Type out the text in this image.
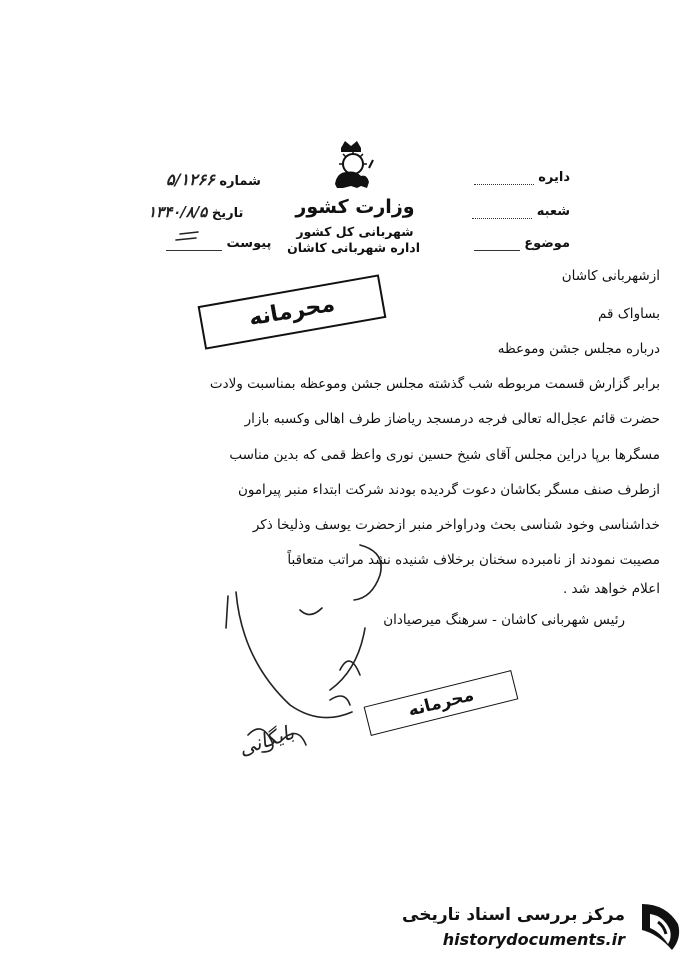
دایره
شعبه
موضوع
وزارت کشور
شهربانی کل کشور
اداره شهربانی کاشان
شماره ۵/۱۲۶۶
تاریخ ۱۳۴٠/۸/۵
پیوست
محرمانه
ازشهربانی کاشان
بساواک قم
درباره مجلس جشن وموعظه
برابر گزارش قسمت مربوطه شب گذشته مجلس جشن وموعظه بمناسبت ولادت
حضرت قائم عجل‌اله تعالی فرجه درمسجد ریاضاز طرف اهالی وکسبه بازار
مسگرها برپا دراین مجلس آقای شیخ حسین نوری واعظ قمی که بدین مناسب
ازطرف صنف مسگر بکاشان دعوت گردیده بودند شرکت ابتداء منبر پیرامون
خداشناسی وخود شناسی بحث ودراواخر منبر ازحضرت یوسف وذلیخا ذکر
مصیبت نمودند از نامبرده سخنان برخلاف شنیده نشد مراتب متعاقباً
اعلام خواهد شد .
رئیس شهربانی کاشان - سرهنگ میرصیادان
بایگانی
محرمانه
مرکز بررسی اسناد تاریخی
historydocuments.ir
